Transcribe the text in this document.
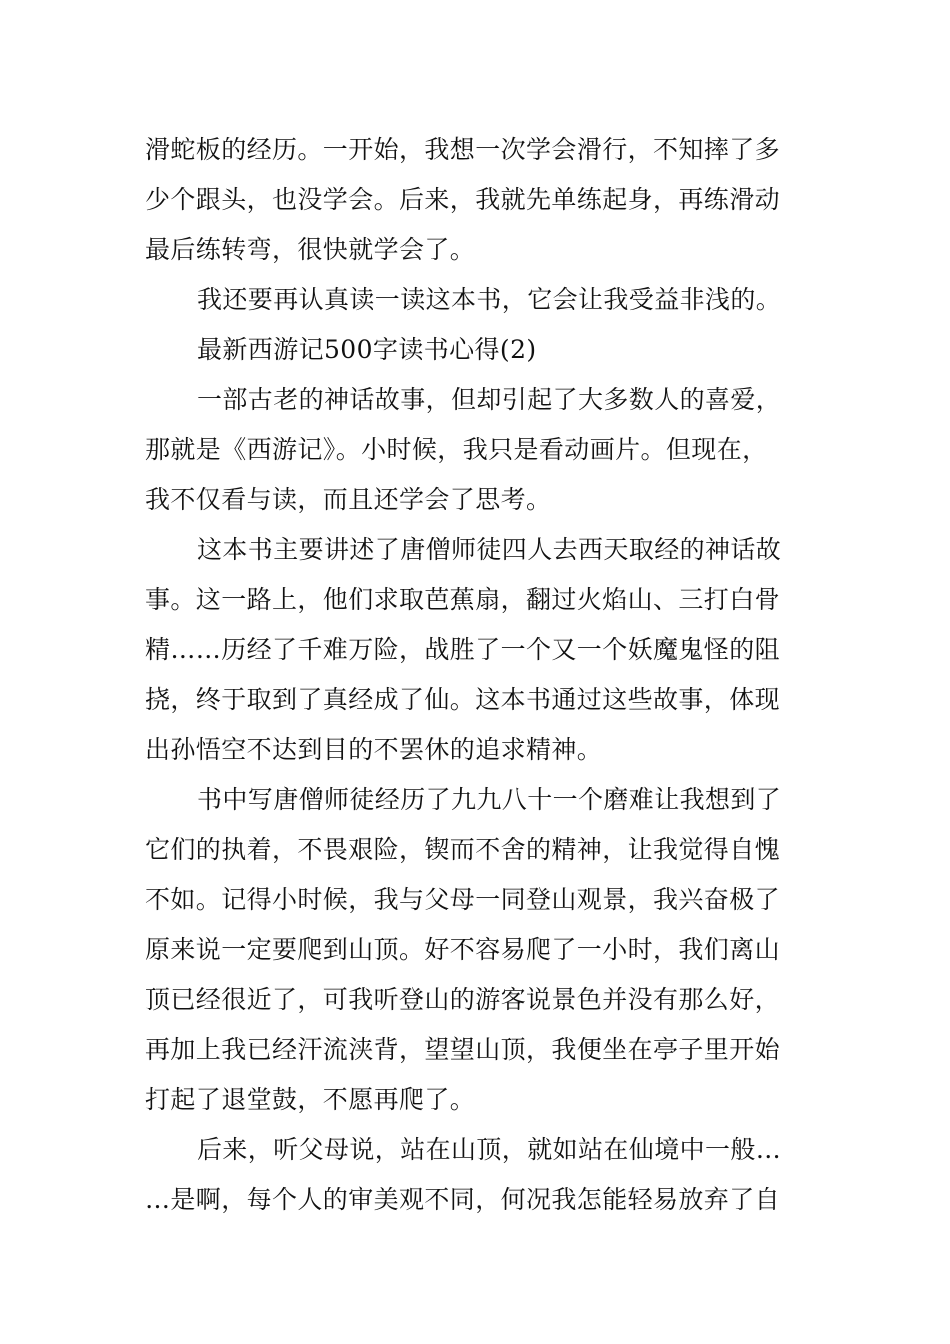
滑蛇板的经历。一开始，我想一次学会滑行，不知摔了多
少个跟头，也没学会。后来，我就先单练起身，再练滑动
最后练转弯，很快就学会了。
我还要再认真读一读这本书，它会让我受益非浅的。
最新西游记500字读书心得(2)
一部古老的神话故事，但却引起了大多数人的喜爱，
那就是《西游记》。小时候，我只是看动画片。但现在，
我不仅看与读，而且还学会了思考。
这本书主要讲述了唐僧师徒四人去西天取经的神话故
事。这一路上，他们求取芭蕉扇，翻过火焰山、三打白骨
精……历经了千难万险，战胜了一个又一个妖魔鬼怪的阻
挠，终于取到了真经成了仙。这本书通过这些故事，体现
出孙悟空不达到目的不罢休的追求精神。
书中写唐僧师徒经历了九九八十一个磨难让我想到了
它们的执着，不畏艰险，锲而不舍的精神，让我觉得自愧
不如。记得小时候，我与父母一同登山观景，我兴奋极了
原来说一定要爬到山顶。好不容易爬了一小时，我们离山
顶已经很近了，可我听登山的游客说景色并没有那么好，
再加上我已经汗流浃背，望望山顶，我便坐在亭子里开始
打起了退堂鼓，不愿再爬了。
后来，听父母说，站在山顶，就如站在仙境中一般…
…是啊，每个人的审美观不同，何况我怎能轻易放弃了自
